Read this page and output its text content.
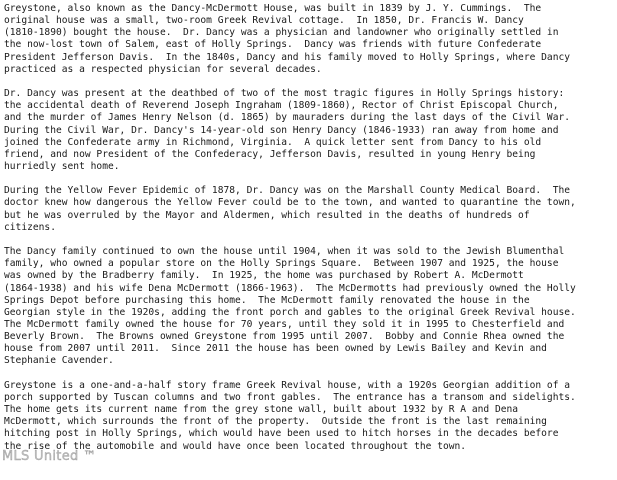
Greystone, also known as the Dancy-McDermott House, was built in 1839 by J. Y. Cummings.  The
original house was a small, two-room Greek Revival cottage.  In 1850, Dr. Francis W. Dancy
(1810-1890) bought the house.  Dr. Dancy was a physician and landowner who originally settled in
the now-lost town of Salem, east of Holly Springs.  Dancy was friends with future Confederate
President Jefferson Davis.  In the 1840s, Dancy and his family moved to Holly Springs, where Dancy
practiced as a respected physician for several decades.

Dr. Dancy was present at the deathbed of two of the most tragic figures in Holly Springs history:
the accidental death of Reverend Joseph Ingraham (1809-1860), Rector of Christ Episcopal Church,
and the murder of James Henry Nelson (d. 1865) by mauraders during the last days of the Civil War.
During the Civil War, Dr. Dancy's 14-year-old son Henry Dancy (1846-1933) ran away from home and
joined the Confederate army in Richmond, Virginia.  A quick letter sent from Dancy to his old
friend, and now President of the Confederacy, Jefferson Davis, resulted in young Henry being
hurriedly sent home.

During the Yellow Fever Epidemic of 1878, Dr. Dancy was on the Marshall County Medical Board.  The
doctor knew how dangerous the Yellow Fever could be to the town, and wanted to quarantine the town,
but he was overruled by the Mayor and Aldermen, which resulted in the deaths of hundreds of
citizens.

The Dancy family continued to own the house until 1904, when it was sold to the Jewish Blumenthal
family, who owned a popular store on the Holly Springs Square.  Between 1907 and 1925, the house
was owned by the Bradberry family.  In 1925, the home was purchased by Robert A. McDermott
(1864-1938) and his wife Dena McDermott (1866-1963).  The McDermotts had previously owned the Holly
Springs Depot before purchasing this home.  The McDermott family renovated the house in the
Georgian style in the 1920s, adding the front porch and gables to the original Greek Revival house.
The McDermott family owned the house for 70 years, until they sold it in 1995 to Chesterfield and
Beverly Brown.  The Browns owned Greystone from 1995 until 2007.  Bobby and Connie Rhea owned the
house from 2007 until 2011.  Since 2011 the house has been owned by Lewis Bailey and Kevin and
Stephanie Cavender.

Greystone is a one-and-a-half story frame Greek Revival house, with a 1920s Georgian addition of a
porch supported by Tuscan columns and two front gables.  The entrance has a transom and sidelights.
The home gets its current name from the grey stone wall, built about 1932 by R A and Dena
McDermott, which surrounds the front of the property.  Outside the front is the last remaining
hitching post in Holly Springs, which would have been used to hitch horses in the decades before
the rise of the automobile and would have once been located throughout the town.

MLS United ™
